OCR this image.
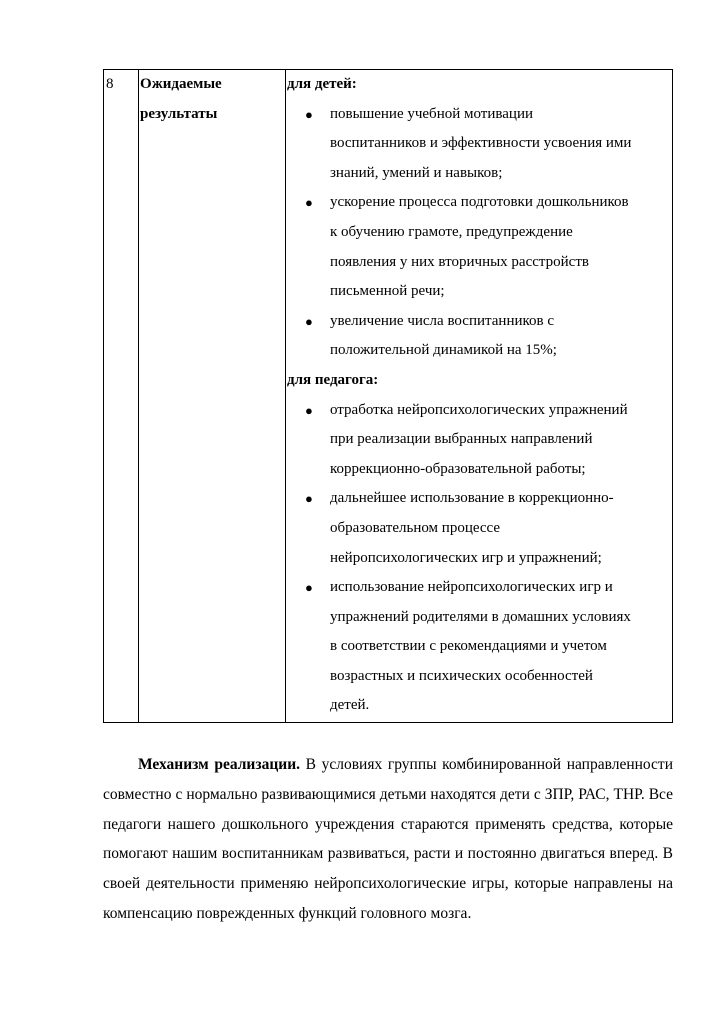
8 Ожидаемые
результаты
для детей:
● повышение учебной мотивации
воспитанников и эффективности усвоения ими
знаний, умений и навыков;
● ускорение процесса подготовки дошкольников
к обучению грамоте, предупреждение
появления у них вторичных расстройств
письменной речи;
● увеличение числа воспитанников с
положительной динамикой на 15%;
для педагога:
● отработка нейропсихологических упражнений
при реализации выбранных направлений
коррекционно-образовательной работы;
● дальнейшее использование в коррекционно-
образовательном процессе
нейропсихологических игр и упражнений;
● использование нейропсихологических игр и
упражнений родителями в домашних условиях
в соответствии с рекомендациями и учетом
возрастных и психических особенностей
детей.
Механизм реализации. В условиях группы комбинированной направленности совместно с нормально развивающимися детьми находятся дети с ЗПР, РАС, ТНР. Все педагоги нашего дошкольного учреждения стараются применять средства, которые помогают нашим воспитанникам развиваться, расти и постоянно двигаться вперед. В своей деятельности применяю нейропсихологические игры, которые направлены на компенсацию поврежденных функций головного мозга.
